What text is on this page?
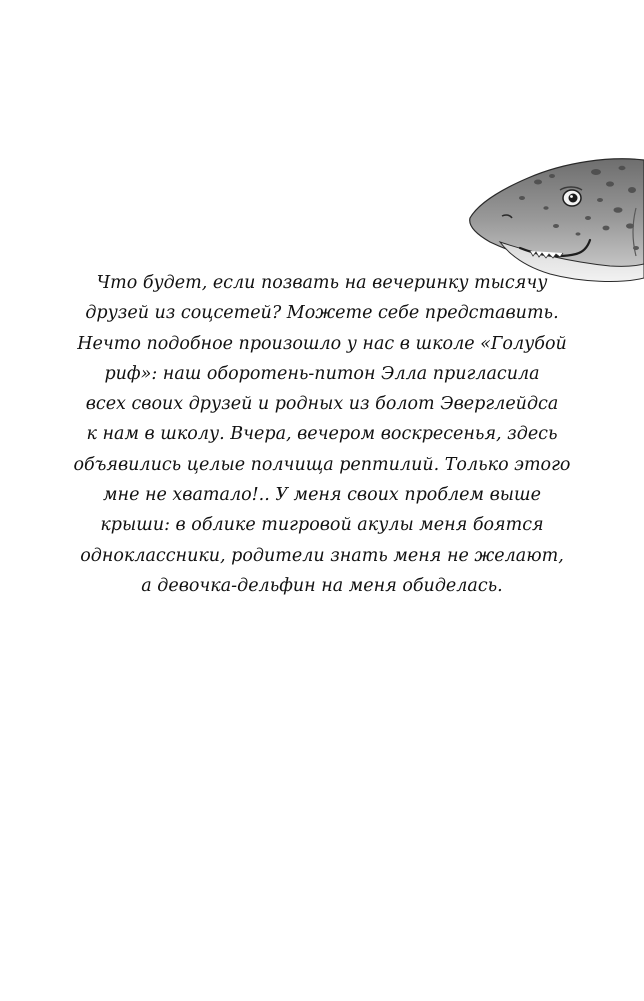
Что будет, если позвать на вечеринку тысячу
друзей из соцсетей? Можете себе представить.
Нечто подобное произошло у нас в школе «Голубой
риф»: наш оборотень-питон Элла пригласила
всех своих друзей и родных из болот Эверглейдса
к нам в школу. Вчера, вечером воскресенья, здесь
объявились целые полчища рептилий. Только этого
мне не хватало!.. У меня своих проблем выше
крыши: в облике тигровой акулы меня боятся
одноклассники, родители знать меня не желают,
а девочка-дельфин на меня обиделась.
